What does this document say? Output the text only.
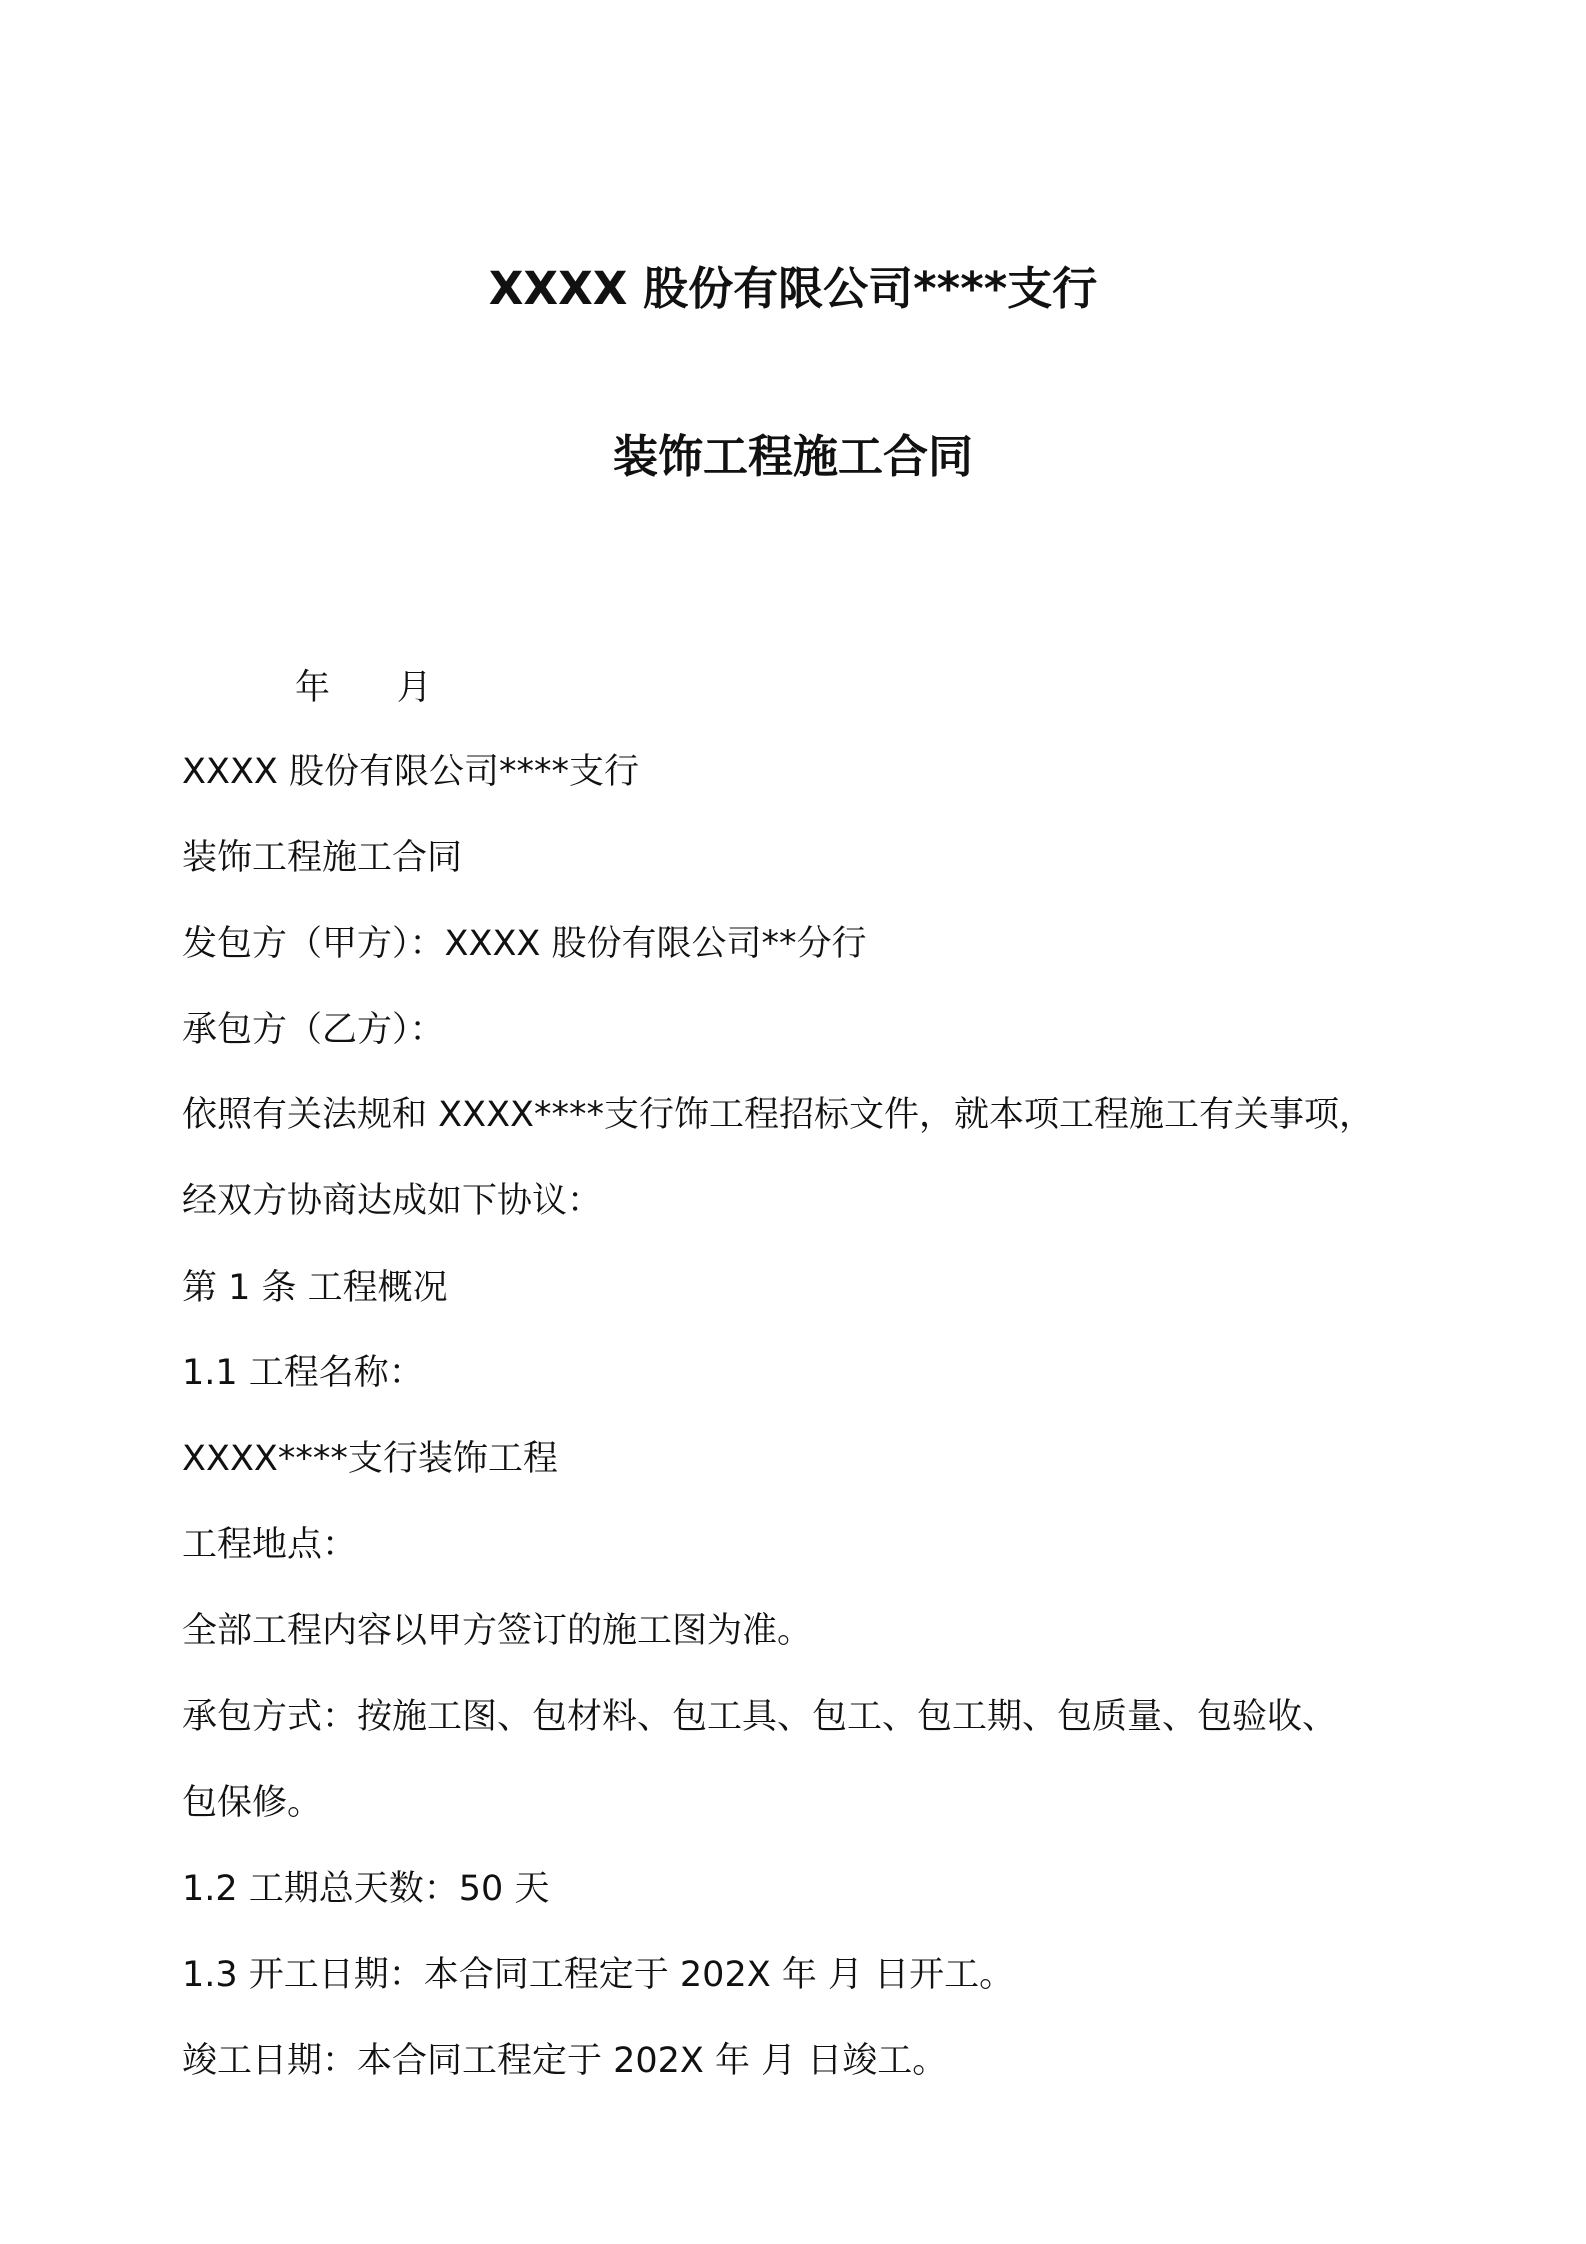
XXXX 股份有限公司****支行
装饰工程施工合同
年      月
XXXX 股份有限公司****支行
装饰工程施工合同
发包方（甲方）：XXXX 股份有限公司**分行
承包方（乙方）：
依照有关法规和 XXXX****支行饰工程招标文件，就本项工程施工有关事项，
经双方协商达成如下协议：
第 1 条 工程概况
1.1 工程名称：
XXXX****支行装饰工程
工程地点：
全部工程内容以甲方签订的施工图为准。
承包方式：按施工图、包材料、包工具、包工、包工期、包质量、包验收、
包保修。
1.2 工期总天数：50 天
1.3 开工日期：本合同工程定于 202X 年 月 日开工。
竣工日期：本合同工程定于 202X 年 月 日竣工。
